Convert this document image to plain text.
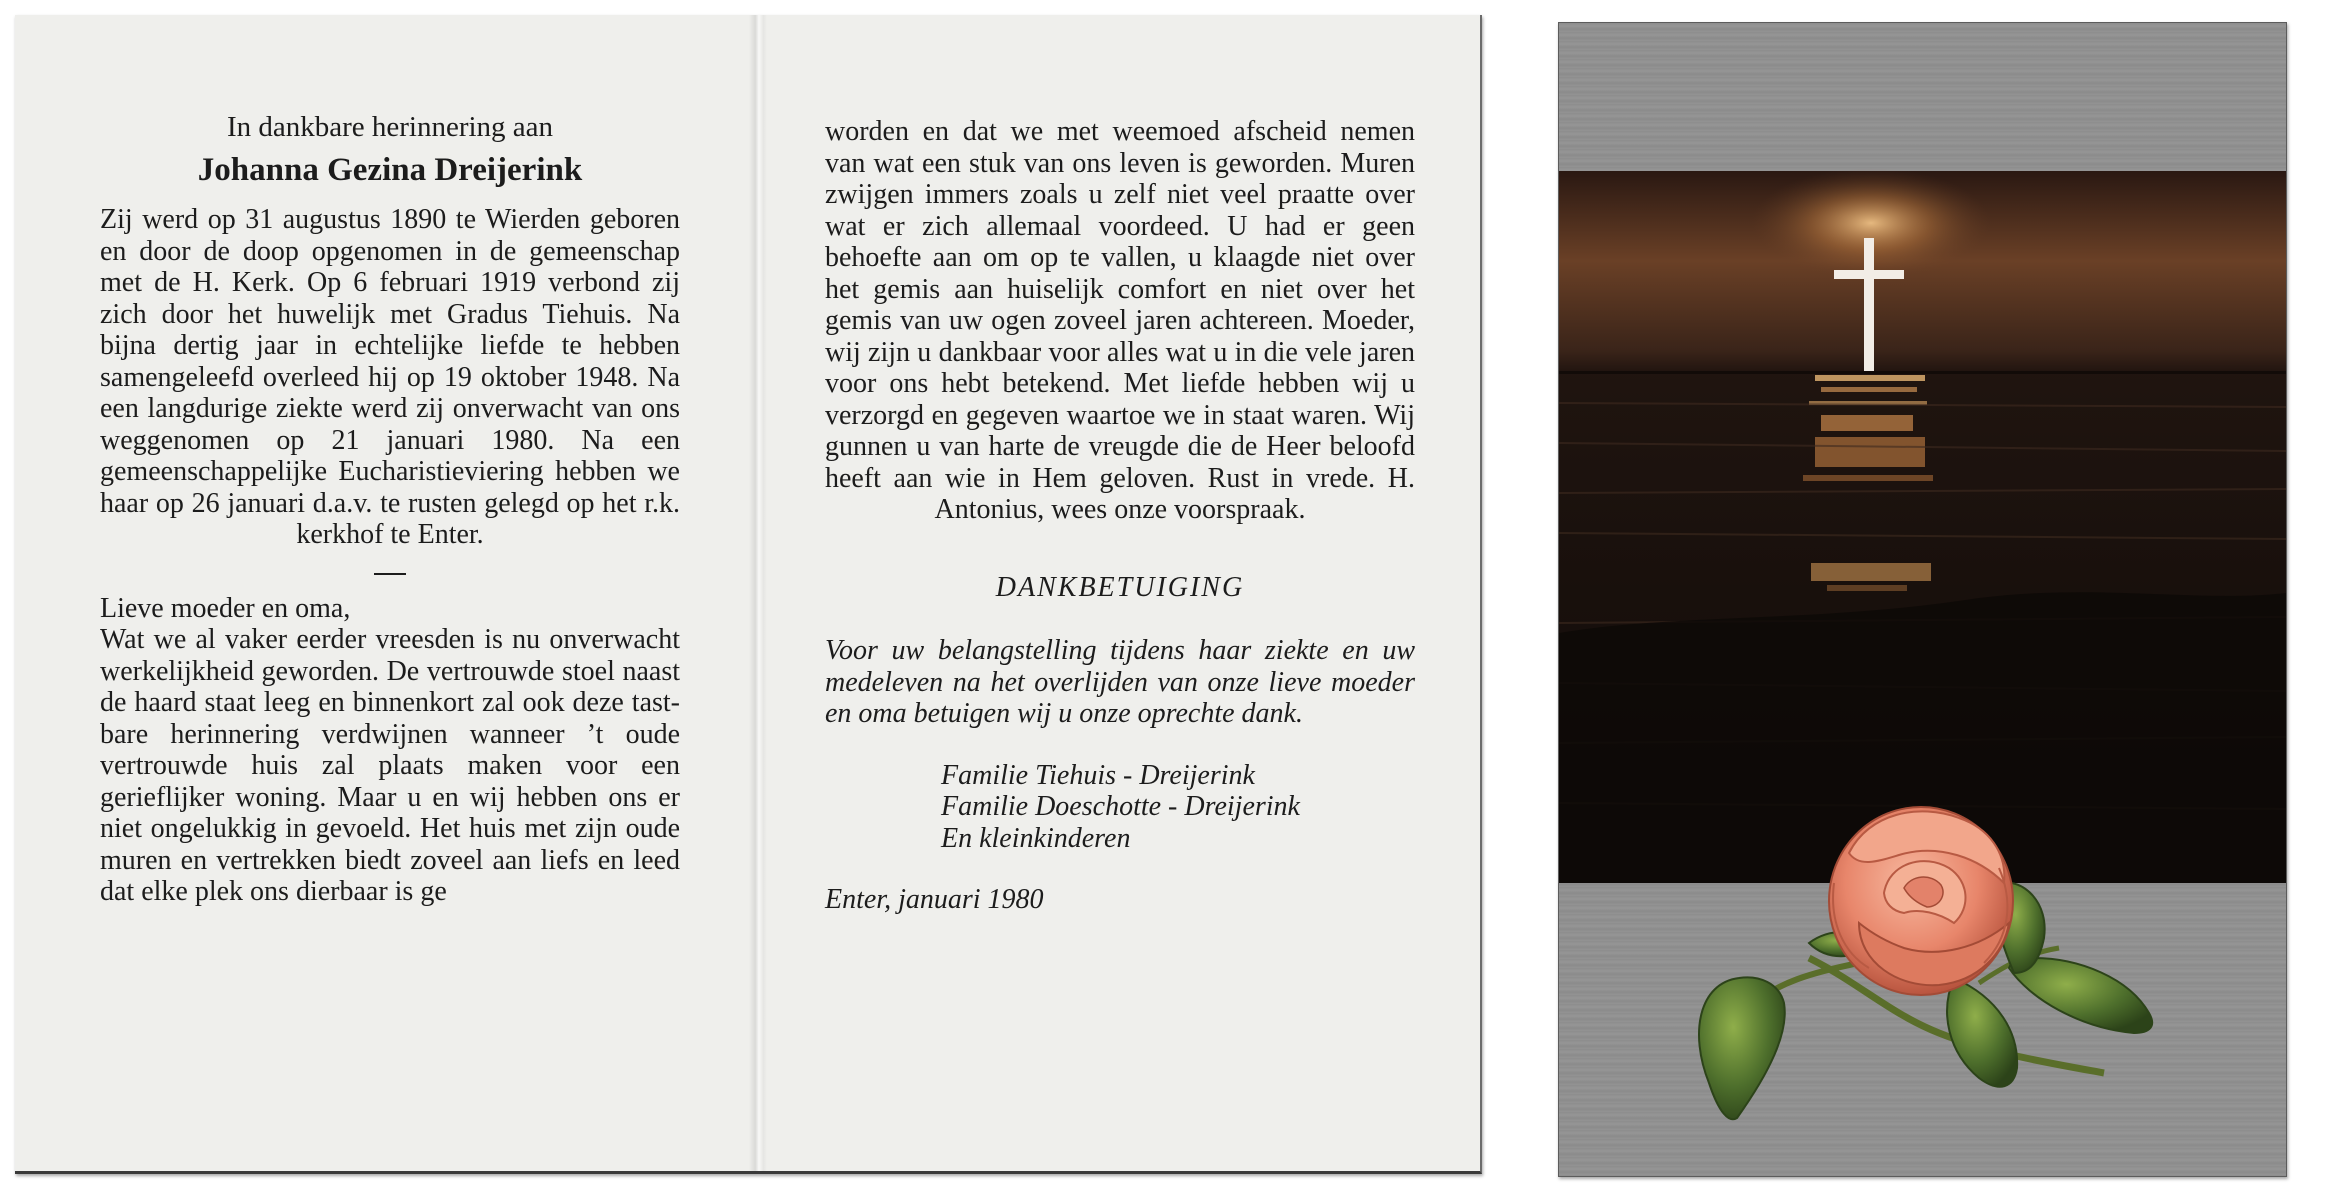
In dankbare herinnering aan

Johanna Gezina Dreijerink

Zij werd op 31 augustus 1890 te Wierden geboren en door de doop opgenomen in de gemeenschap met de H. Kerk. Op 6 februari 1919 verbond zij zich door het huwelijk met Gradus Tiehuis. Na bijna dertig jaar in echtelijke liefde te hebben samengeleefd overleed hij op 19 oktober 1948. Na een langdurige ziekte werd zij onverwacht van ons weggenomen op 21 januari 1980. Na een gemeenschappelijke Eucharistieviering hebben we haar op 26 januari d.a.v. te rusten gelegd op het r.k. kerkhof te Enter.

Lieve moeder en oma,

Wat we al vaker eerder vreesden is nu onverwacht werkelijkheid geworden. De vertrouwde stoel naast de haard staat leeg en binnenkort zal ook deze tastbare herinnering verdwijnen wanneer ’t oude vertrouwde huis zal plaats maken voor een gerieflijker woning. Maar u en wij hebben ons er niet ongelukkig in gevoeld. Het huis met zijn oude muren en vertrekken biedt zoveel aan liefs en leed dat elke plek ons dierbaar is ge

worden en dat we met weemoed afscheid nemen van wat een stuk van ons leven is geworden. Muren zwijgen immers zoals u zelf niet veel praatte over wat er zich allemaal voordeed. U had er geen behoefte aan om op te vallen, u klaagde niet over het gemis aan huiselijk comfort en niet over het gemis van uw ogen zoveel jaren achtereen. Moeder, wij zijn u dankbaar voor alles wat u in die vele jaren voor ons hebt betekend. Met liefde hebben wij u verzorgd en gegeven waartoe we in staat waren. Wij gunnen u van harte de vreugde die de Heer beloofd heeft aan wie in Hem geloven. Rust in vrede. H. Antonius, wees onze voorspraak.

DANKBETUIGING

Voor uw belangstelling tijdens haar ziekte en uw medeleven na het overlijden van onze lieve moeder en oma betuigen wij u onze oprechte dank.

Familie Tiehuis - Dreijerink
Familie Doeschotte - Dreijerink
En kleinkinderen

Enter, januari 1980
